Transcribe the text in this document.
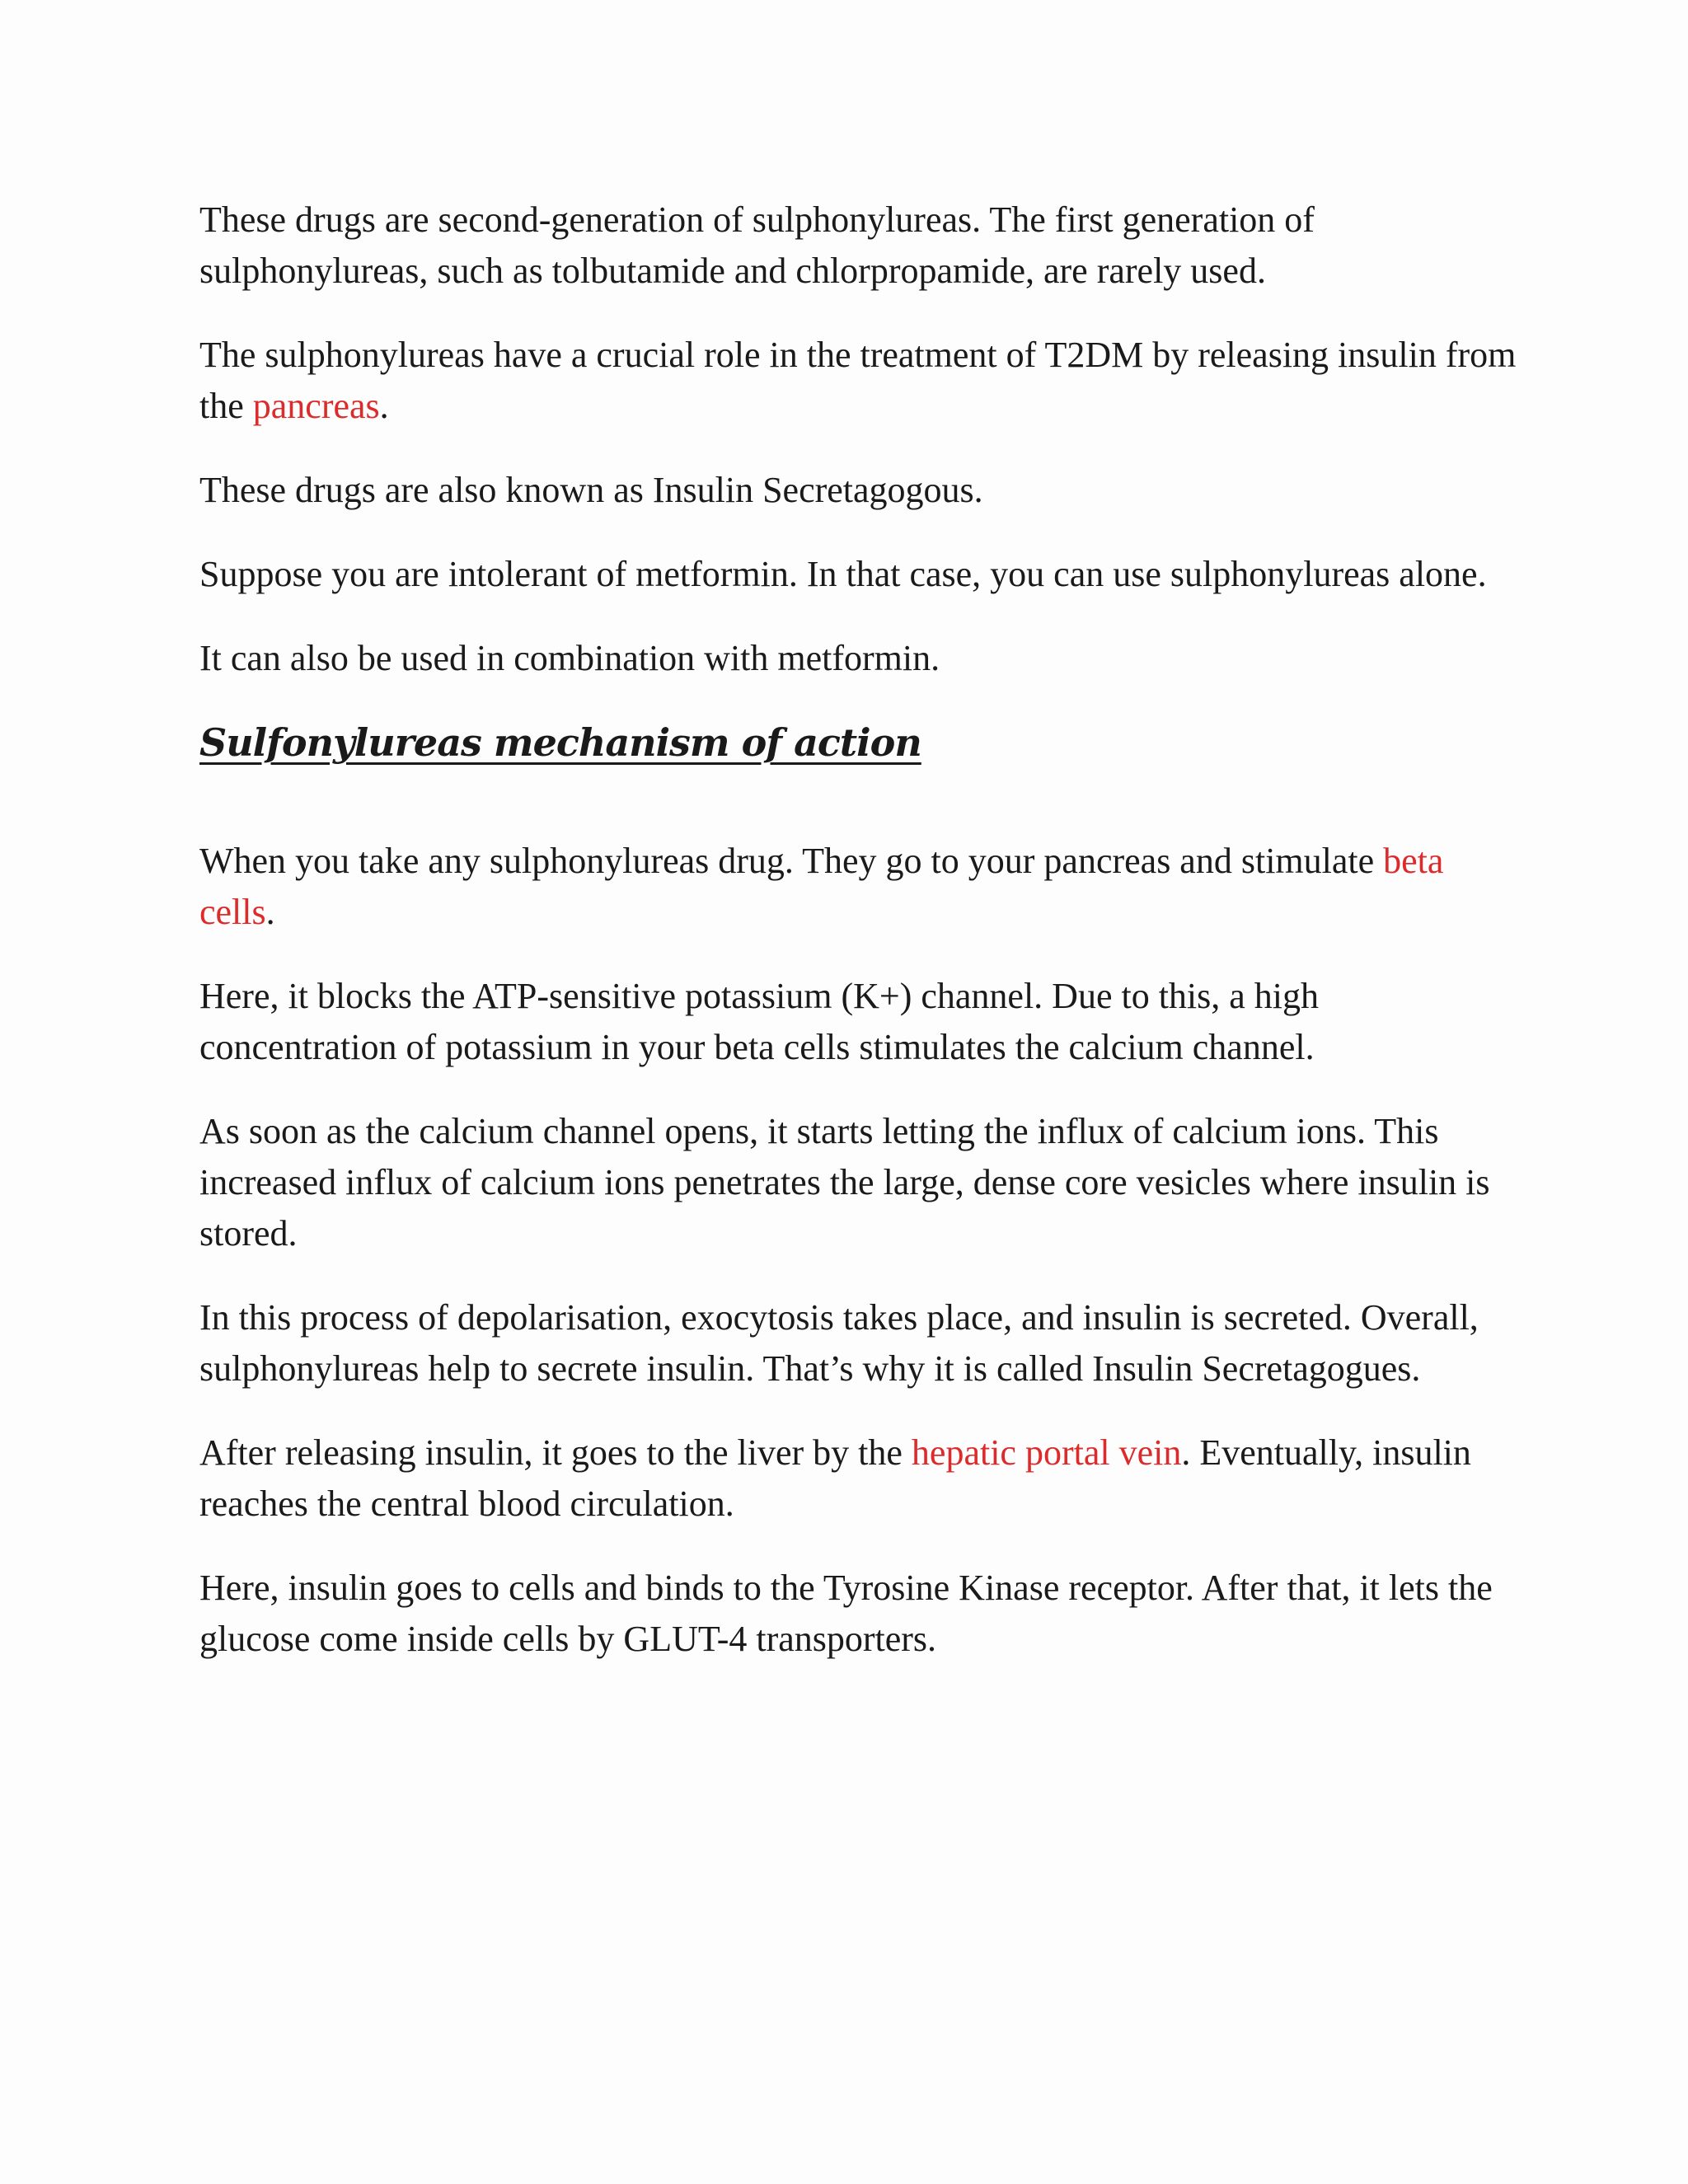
These drugs are second-generation of sulphonylureas. The first generation of sulphonylureas, such as tolbutamide and chlorpropamide, are rarely used.

The sulphonylureas have a crucial role in the treatment of T2DM by releasing insulin from the pancreas.

These drugs are also known as Insulin Secretagogous.

Suppose you are intolerant of metformin. In that case, you can use sulphonylureas alone.

It can also be used in combination with metformin.

Sulfonylureas mechanism of action

When you take any sulphonylureas drug. They go to your pancreas and stimulate beta cells.

Here, it blocks the ATP-sensitive potassium (K+) channel. Due to this, a high concentration of potassium in your beta cells stimulates the calcium channel.

As soon as the calcium channel opens, it starts letting the influx of calcium ions. This increased influx of calcium ions penetrates the large, dense core vesicles where insulin is stored.

In this process of depolarisation, exocytosis takes place, and insulin is secreted. Overall, sulphonylureas help to secrete insulin. That’s why it is called Insulin Secretagogues.

After releasing insulin, it goes to the liver by the hepatic portal vein. Eventually, insulin reaches the central blood circulation.

Here, insulin goes to cells and binds to the Tyrosine Kinase receptor. After that, it lets the glucose come inside cells by GLUT-4 transporters.
